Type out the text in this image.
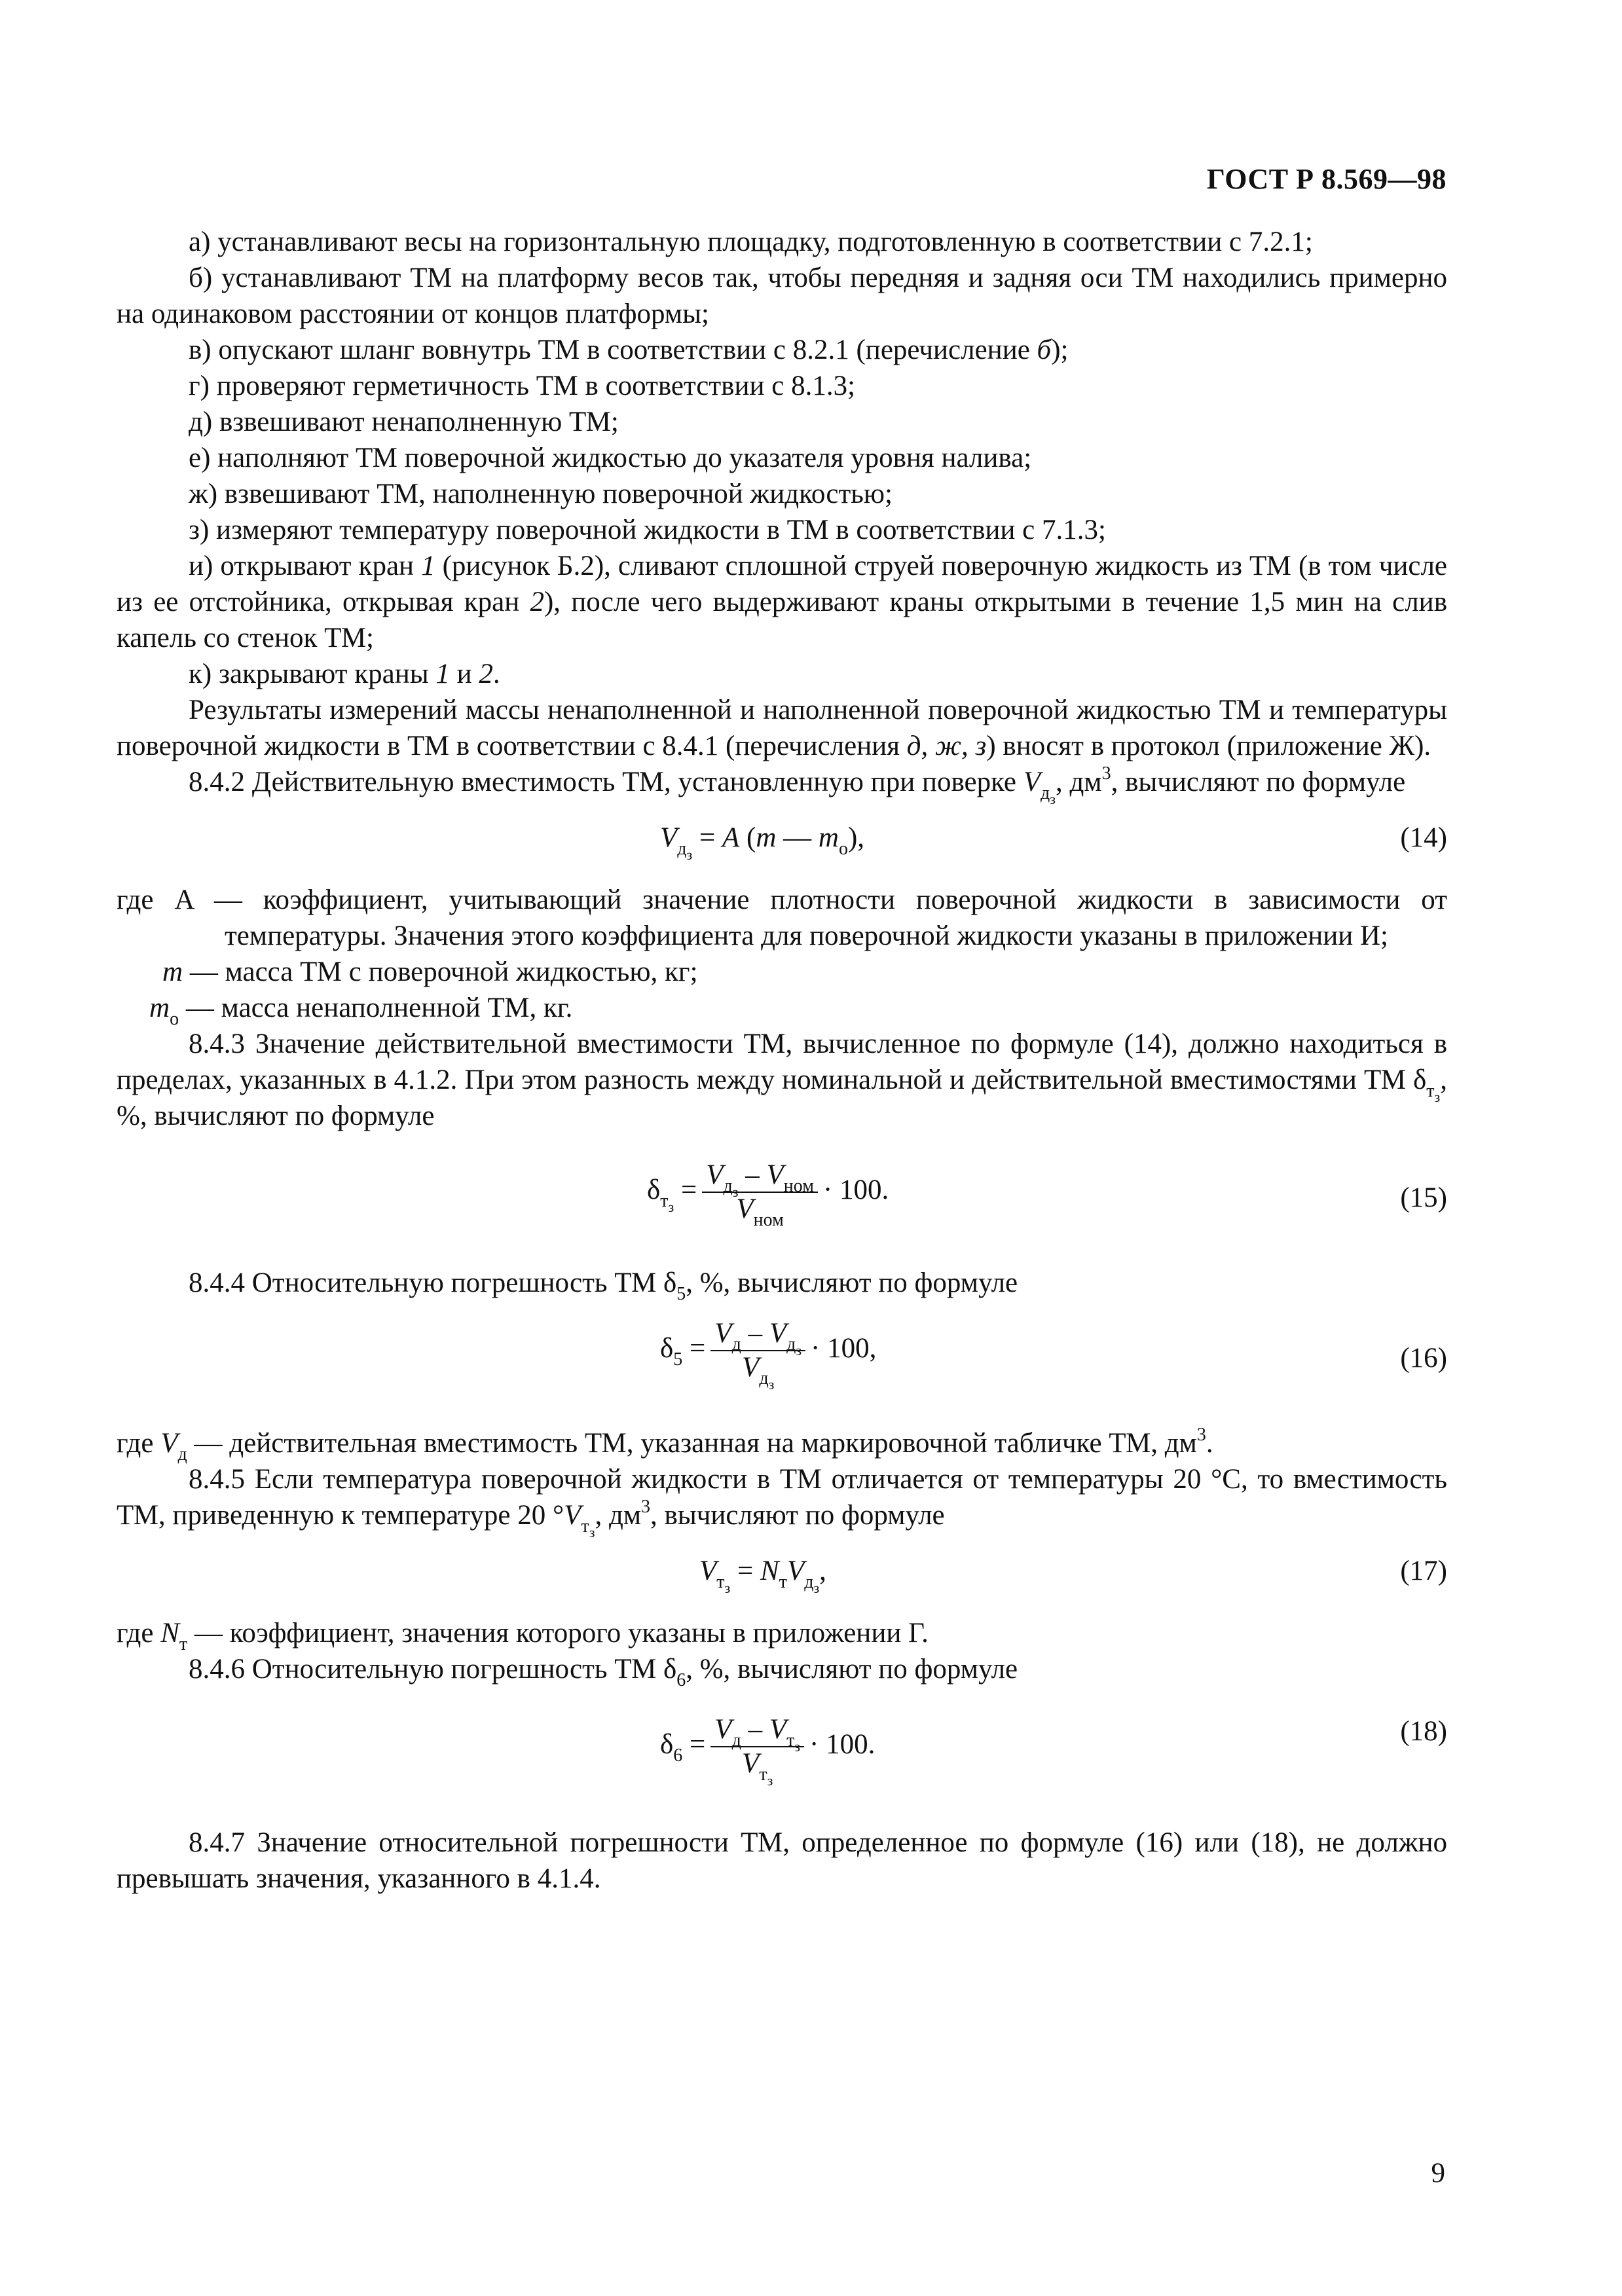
ГОСТ Р 8.569—98

а) устанавливают весы на горизонтальную площадку, подготовленную в соответствии с 7.2.1;

б) устанавливают ТМ на платформу весов так, чтобы передняя и задняя оси ТМ находились примерно на одинаковом расстоянии от концов платформы;

в) опускают шланг вовнутрь ТМ в соответствии с 8.2.1 (перечисление б);

г) проверяют герметичность ТМ в соответствии с 8.1.3;

д) взвешивают ненаполненную ТМ;

е) наполняют ТМ поверочной жидкостью до указателя уровня налива;

ж) взвешивают ТМ, наполненную поверочной жидкостью;

з) измеряют температуру поверочной жидкости в ТМ в соответствии с 7.1.3;

и) открывают кран 1 (рисунок Б.2), сливают сплошной струей поверочную жидкость из ТМ (в том числе из ее отстойника, открывая кран 2), после чего выдерживают краны открытыми в течение 1,5 мин на слив капель со стенок ТМ;

к) закрывают краны 1 и 2.

Результаты измерений массы ненаполненной и наполненной поверочной жидкостью ТМ и температуры поверочной жидкости в ТМ в соответствии с 8.4.1 (перечисления д, ж, з) вносят в протокол (приложение Ж).

8.4.2 Действительную вместимость ТМ, установленную при поверке $V_{д_з}$, $дм^3$, вычисляют по формуле

$V_{д_з} = A$ (m — $m_о$),	(14)

где A — коэффициент, учитывающий значение плотности поверочной жидкости в зависимости от температуры. Значения этого коэффициента для поверочной жидкости указаны в приложении И;

m — масса ТМ с поверочной жидкостью, кг;

$m_о$ — масса ненаполненной ТМ, кг.

8.4.3 Значение действительной вместимости ТМ, вычисленное по формуле (14), должно находиться в пределах, указанных в 4.1.2. При этом разность между номинальной и действительной вместимостями ТМ $\delta_{т_з}$, %, вычисляют по формуле

$\delta_{т_з} = \frac{V_{д_з} - V_{ном}}{V_{ном}} \cdot 100$.	(15)

8.4.4 Относительную погрешность ТМ $\delta_5$, %, вычисляют по формуле

$\delta_5 = \frac{V_д - V_{д_з}}{V_{д_з}} \cdot 100$,	(16)

где $V_д$ — действительная вместимость ТМ, указанная на маркировочной табличке ТМ, $дм^3$.

8.4.5 Если температура поверочной жидкости в ТМ отличается от температуры 20 °С, то вместимость ТМ, приведенную к температуре 20 $^\circ V_{т_з}$, $дм^3$, вычисляют по формуле

$V_{т_з} = N_тV_{д_з}$,	(17)

где $N_т$ — коэффициент, значения которого указаны в приложении Г.

8.4.6 Относительную погрешность ТМ $\delta_6$, %, вычисляют по формуле

$\delta_6 = \frac{V_д - V_{т_з}}{V_{т_з}} \cdot 100$.	(18)

8.4.7 Значение относительной погрешности ТМ, определенное по формуле (16) или (18), не должно превышать значения, указанного в 4.1.4.

9
